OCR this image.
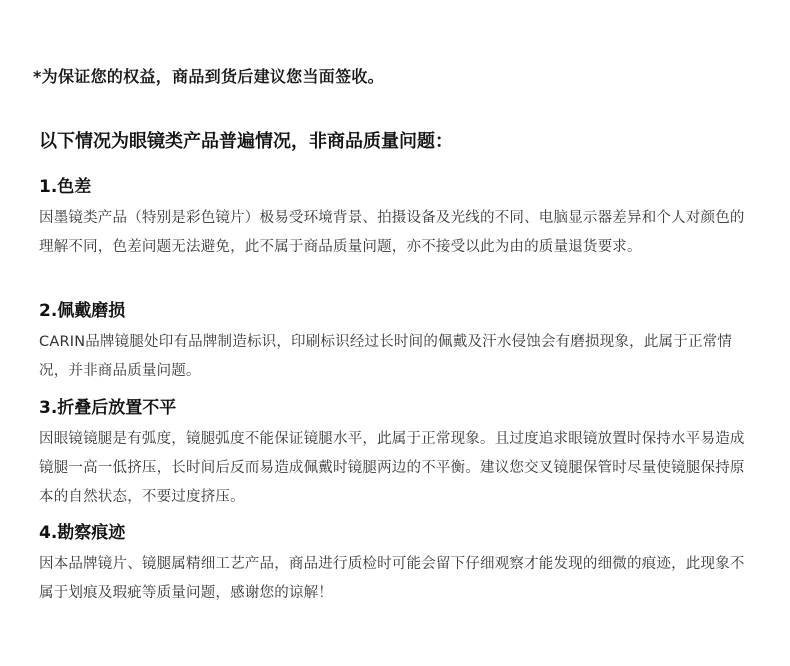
*为保证您的权益，商品到货后建议您当面签收。
以下情况为眼镜类产品普遍情况，非商品质量问题：
1.色差

因墨镜类产品（特别是彩色镜片）极易受环境背景、拍摄设备及光线的不同、电脑显示器差异和个人对颜色的理解不同，色差问题无法避免，此不属于商品质量问题，亦不接受以此为由的质量退货要求。

2.佩戴磨损

CARIN品牌镜腿处印有品牌制造标识，印刷标识经过长时间的佩戴及汗水侵蚀会有磨损现象，此属于正常情况，并非商品质量问题。

3.折叠后放置不平

因眼镜镜腿是有弧度，镜腿弧度不能保证镜腿水平，此属于正常现象。且过度追求眼镜放置时保持水平易造成镜腿一高一低挤压，长时间后反而易造成佩戴时镜腿两边的不平衡。建议您交叉镜腿保管时尽量使镜腿保持原本的自然状态，不要过度挤压。

4.勘察痕迹

因本品牌镜片、镜腿属精细工艺产品，商品进行质检时可能会留下仔细观察才能发现的细微的痕迹，此现象不属于划痕及瑕疵等质量问题，感谢您的谅解！
